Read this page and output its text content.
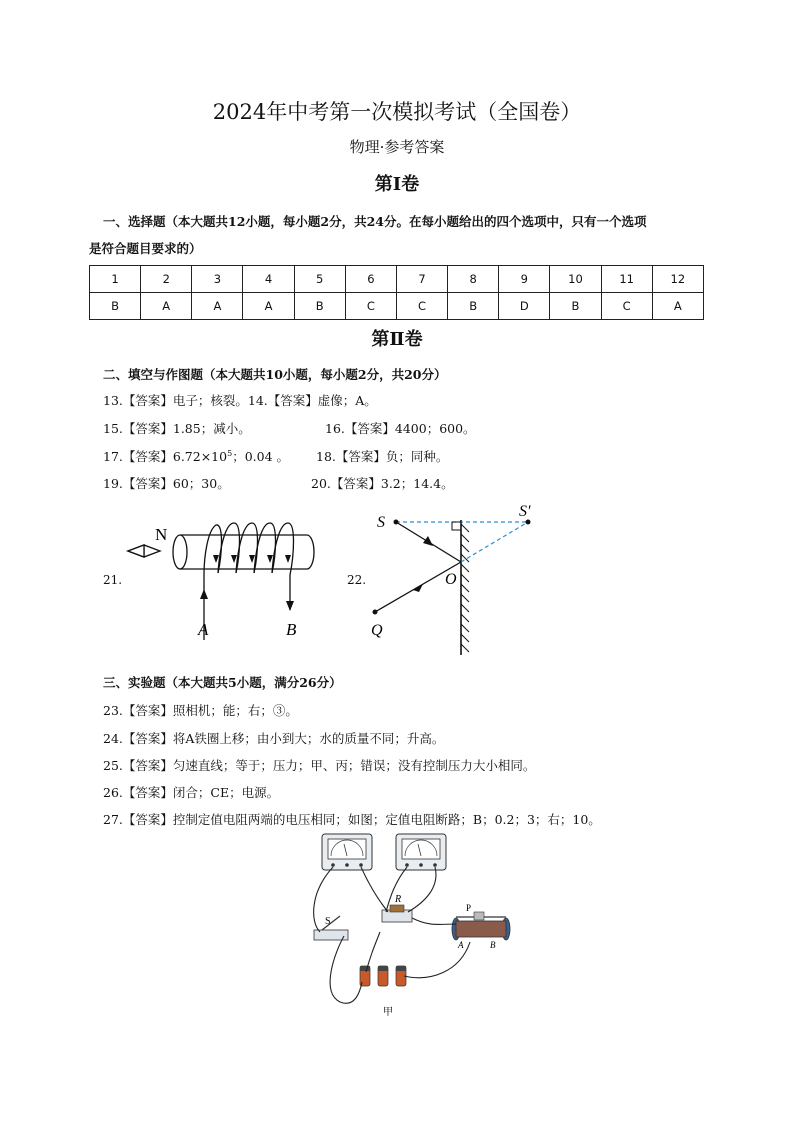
2024年中考第一次模拟考试（全国卷）
物理·参考答案
第Ⅰ卷
一、选择题（本大题共12小题，每小题2分，共24分。在每小题给出的四个选项中，只有一个选项
是符合题目要求的）
1	2	3	4	5	6	7	8	9	10	11	12
B	A	A	A	B	C	C	B	D	B	C	A
第Ⅱ卷
二、填空与作图题（本大题共10小题，每小题2分，共20分）
13.【答案】电子；核裂。14.【答案】虚像；A。
15.【答案】1.85；减小。	16.【答案】4400；600。
17.【答案】$6.72\times 10^5$；0.04 。 18.【答案】负；同种。
19.【答案】60；30。	20.【答案】3.2；14.4。
21.	22.
N
A	B
S
S′
O
Q
三、实验题（本大题共5小题，满分26分）
23.【答案】照相机；能；右；③。
24.【答案】将A铁圈上移；由小到大；水的质量不同；升高。
25.【答案】匀速直线；等于；压力；甲、丙；错误；没有控制压力大小相同。
26.【答案】闭合；CE；电源。
27.【答案】控制定值电阻两端的电压相同；如图；定值电阻断路；B；0.2；3；右；10。
R
S
P
A	B
甲
